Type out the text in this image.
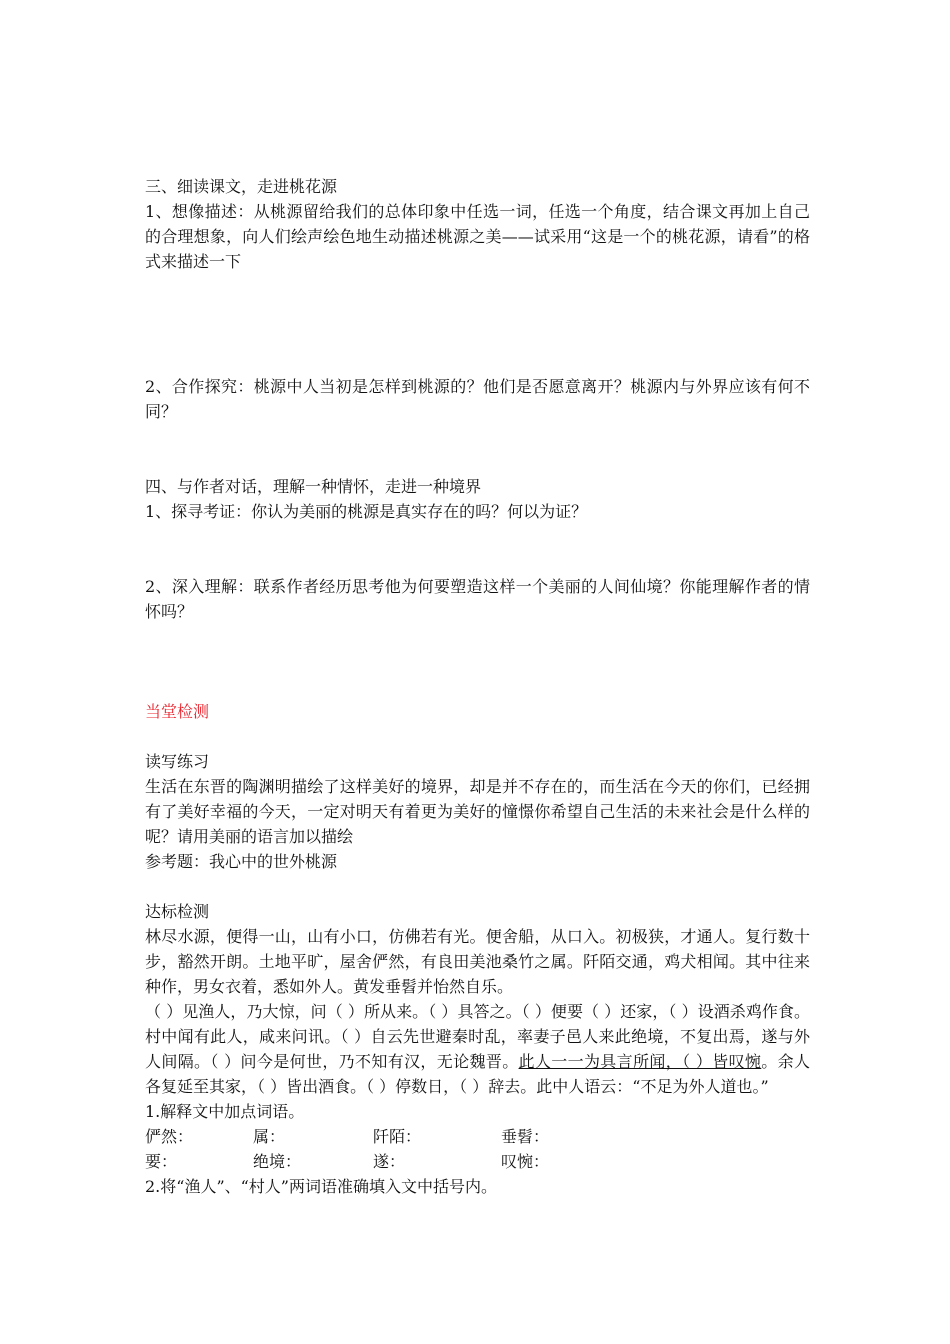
三、细读课文，走进桃花源
1、想像描述：从桃源留给我们的总体印象中任选一词，任选一个角度，结合课文再加上自己的合理想象，向人们绘声绘色地生动描述桃源之美——试采用“这是一个的桃花源，请看”的格式来描述一下
2、合作探究：桃源中人当初是怎样到桃源的？他们是否愿意离开？桃源内与外界应该有何不同？
四、与作者对话，理解一种情怀，走进一种境界
1、探寻考证：你认为美丽的桃源是真实存在的吗？何以为证？
2、深入理解：联系作者经历思考他为何要塑造这样一个美丽的人间仙境？你能理解作者的情怀吗？
当堂检测
读写练习
生活在东晋的陶渊明描绘了这样美好的境界，却是并不存在的，而生活在今天的你们，已经拥有了美好幸福的今天，一定对明天有着更为美好的憧憬你希望自己生活的未来社会是什么样的呢？请用美丽的语言加以描绘
参考题：我心中的世外桃源
达标检测
林尽水源，便得一山，山有小口，仿佛若有光。便舍船，从口入。初极狭，才通人。复行数十步，豁然开朗。土地平旷，屋舍俨然，有良田美池桑竹之属。阡陌交通，鸡犬相闻。其中往来种作，男女衣着，悉如外人。黄发垂髫并怡然自乐。
（ ）见渔人，乃大惊，问（ ）所从来。（ ）具答之。（ ）便要（ ）还家，（ ）设酒杀鸡作食。村中闻有此人，咸来问讯。（ ）自云先世避秦时乱，率妻子邑人来此绝境，不复出焉，遂与外人间隔。（ ）问今是何世，乃不知有汉，无论魏晋。此人一一为具言所闻，（ ）皆叹惋。余人各复延至其家，（ ）皆出酒食。（ ）停数日，（ ）辞去。此中人语云：“不足为外人道也。”
1.解释文中加点词语。
俨然：	属：	阡陌：	垂髫：
要：	绝境：	遂：	叹惋：
2.将“渔人”、“村人”两词语准确填入文中括号内。
